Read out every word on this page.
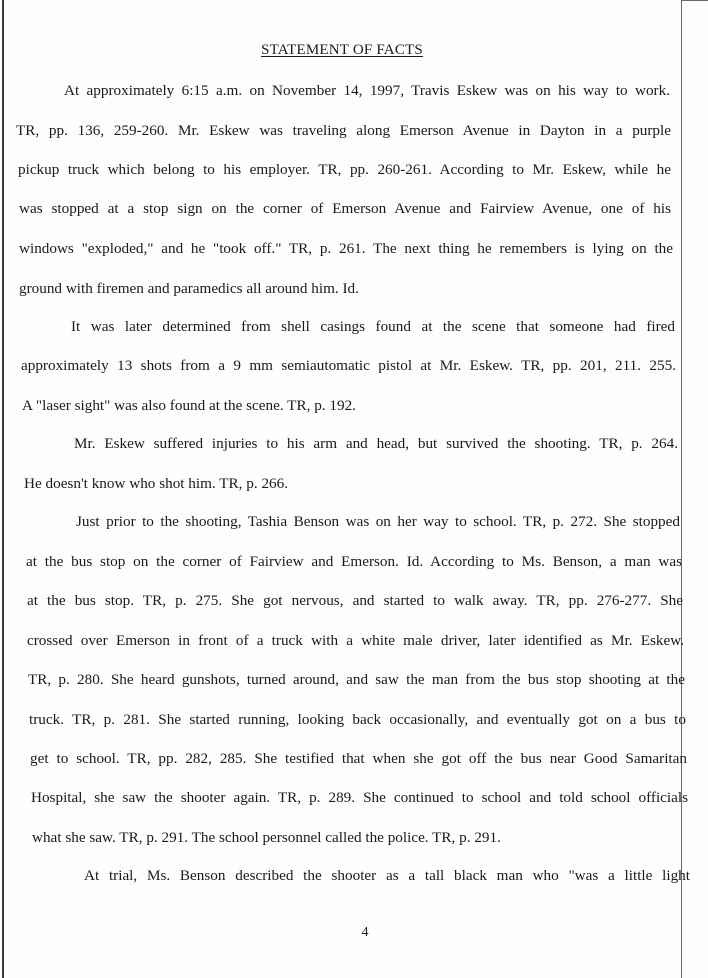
STATEMENT OF FACTS
At approximately 6:15 a.m. on November 14, 1997, Travis Eskew was on his way to work.
TR, pp. 136, 259-260. Mr. Eskew was traveling along Emerson Avenue in Dayton in a purple
pickup truck which belong to his employer. TR, pp. 260-261. According to Mr. Eskew, while he
was stopped at a stop sign on the corner of Emerson Avenue and Fairview Avenue, one of his
windows "exploded," and he "took off." TR, p. 261. The next thing he remembers is lying on the
ground with firemen and paramedics all around him. Id.
It was later determined from shell casings found at the scene that someone had fired
approximately 13 shots from a 9 mm semiautomatic pistol at Mr. Eskew. TR, pp. 201, 211. 255.
A "laser sight" was also found at the scene. TR, p. 192.
Mr. Eskew suffered injuries to his arm and head, but survived the shooting. TR, p. 264.
He doesn't know who shot him. TR, p. 266.
Just prior to the shooting, Tashia Benson was on her way to school. TR, p. 272. She stopped
at the bus stop on the corner of Fairview and Emerson. Id. According to Ms. Benson, a man was
at the bus stop. TR, p. 275. She got nervous, and started to walk away. TR, pp. 276-277. She
crossed over Emerson in front of a truck with a white male driver, later identified as Mr. Eskew.
TR, p. 280. She heard gunshots, turned around, and saw the man from the bus stop shooting at the
truck. TR, p. 281. She started running, looking back occasionally, and eventually got on a bus to
get to school. TR, pp. 282, 285. She testified that when she got off the bus near Good Samaritan
Hospital, she saw the shooter again. TR, p. 289. She continued to school and told school officials
what she saw. TR, p. 291. The school personnel called the police. TR, p. 291.
At trial, Ms. Benson described the shooter as a tall black man who "was a little light
4
